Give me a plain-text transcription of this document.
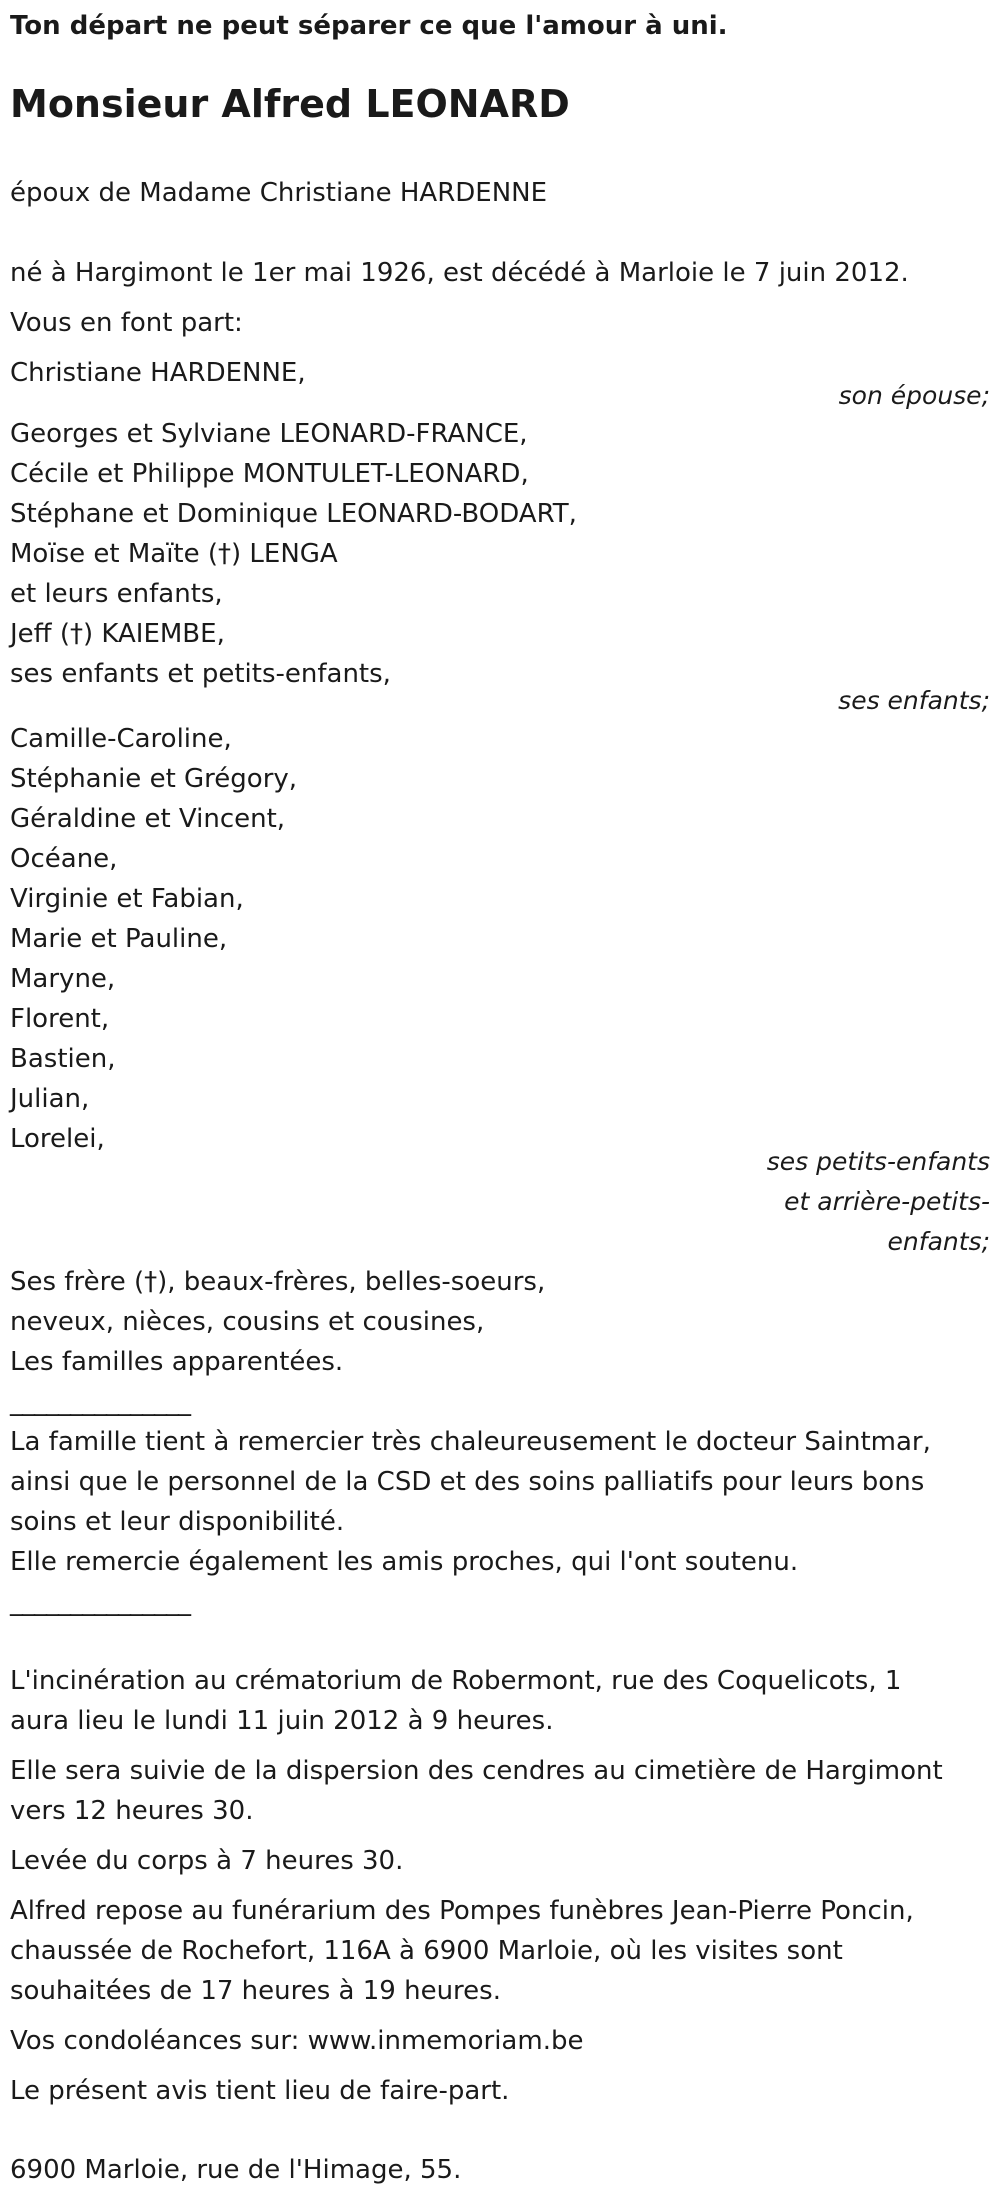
Ton départ ne peut séparer ce que l'amour à uni.
Monsieur Alfred LEONARD
époux de Madame Christiane HARDENNE
né à Hargimont le 1er mai 1926, est décédé à Marloie le 7 juin 2012.
Vous en font part:
Christiane HARDENNE,
son épouse;
Georges et Sylviane LEONARD-FRANCE,
Cécile et Philippe MONTULET-LEONARD,
Stéphane et Dominique LEONARD-BODART,
Moïse et Maïte (†) LENGA
et leurs enfants,
Jeff (†) KAIEMBE,
ses enfants et petits-enfants,
ses enfants;
Camille-Caroline,
Stéphanie et Grégory,
Géraldine et Vincent,
Océane,
Virginie et Fabian,
Marie et Pauline,
Maryne,
Florent,
Bastien,
Julian,
Lorelei,
ses petits-enfants
et arrière-petits-
enfants;
Ses frère (†), beaux-frères, belles-soeurs,
neveux, nièces, cousins et cousines,
Les familles apparentées.
_______________
La famille tient à remercier très chaleureusement le docteur Saintmar,
ainsi que le personnel de la CSD et des soins palliatifs pour leurs bons
soins et leur disponibilité.
Elle remercie également les amis proches, qui l'ont soutenu.
_______________
L'incinération au crématorium de Robermont, rue des Coquelicots, 1
aura lieu le lundi 11 juin 2012 à 9 heures.
Elle sera suivie de la dispersion des cendres au cimetière de Hargimont
vers 12 heures 30.
Levée du corps à 7 heures 30.
Alfred repose au funérarium des Pompes funèbres Jean-Pierre Poncin,
chaussée de Rochefort, 116A à 6900 Marloie, où les visites sont
souhaitées de 17 heures à 19 heures.
Vos condoléances sur: www.inmemoriam.be
Le présent avis tient lieu de faire-part.
6900 Marloie, rue de l'Himage, 55.
